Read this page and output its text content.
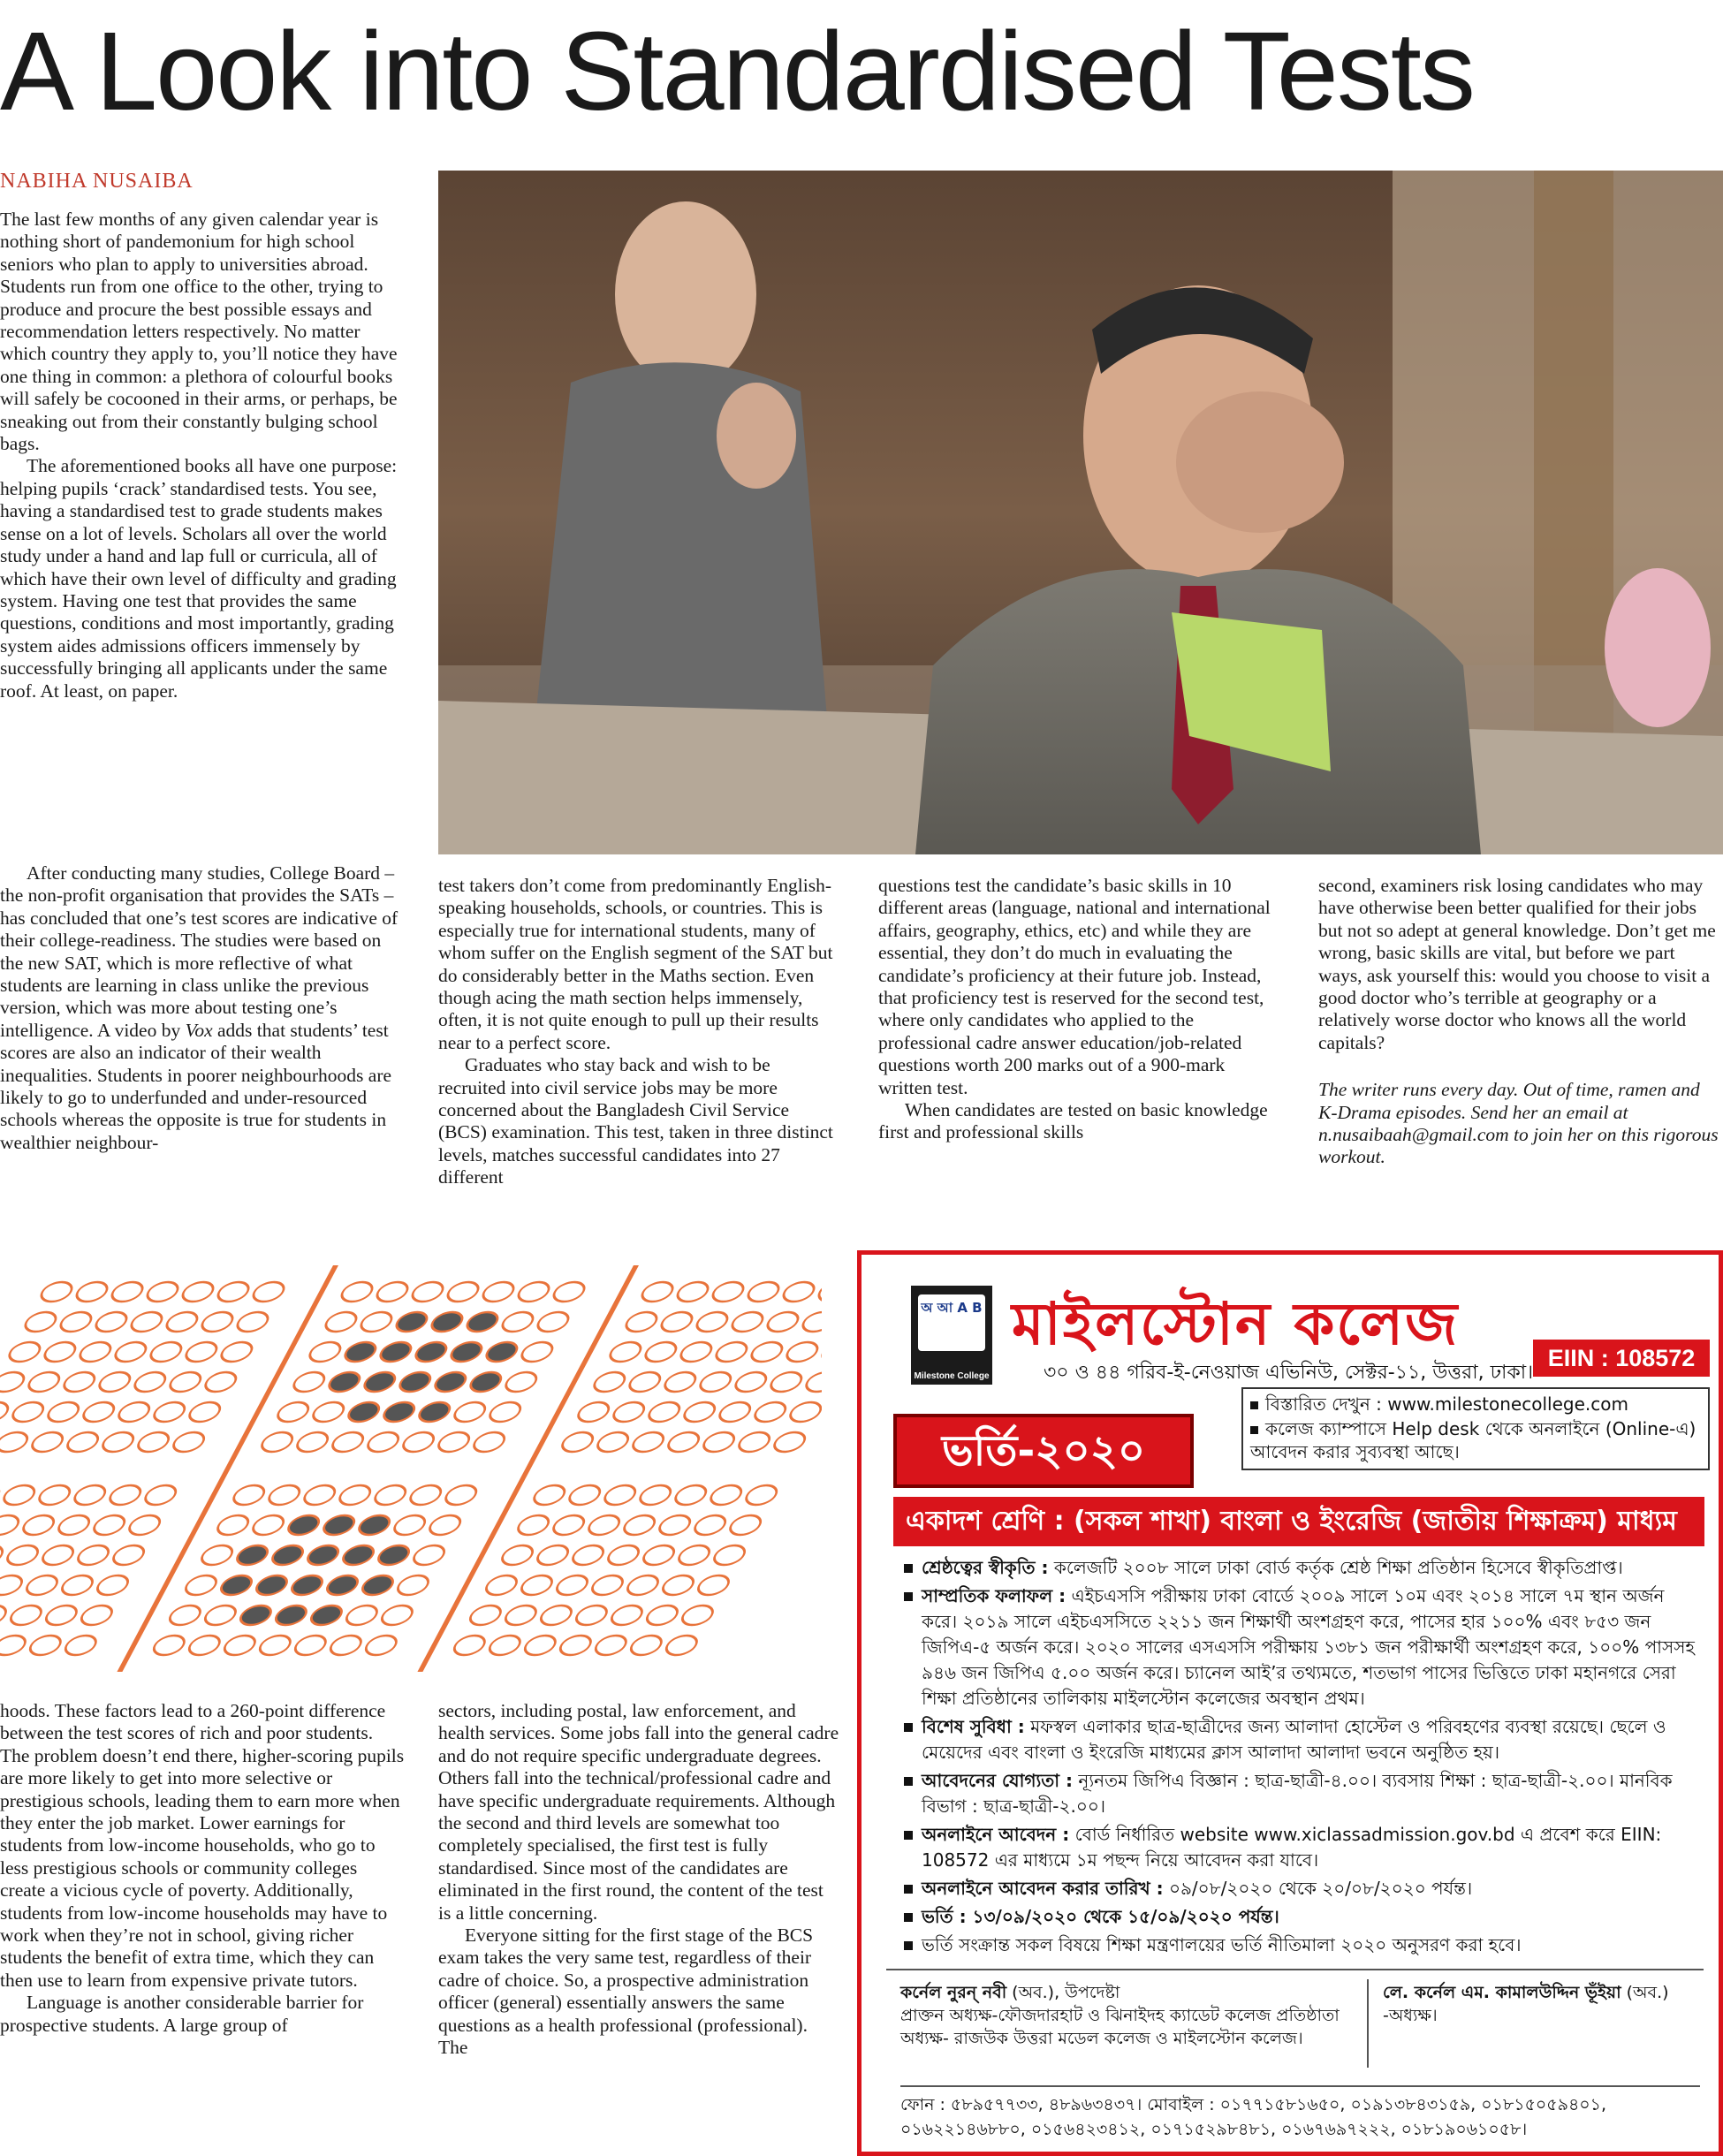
A Look into Standardised Tests
NABIHA NUSAIBA

The last few months of any given calendar year is nothing short of pandemonium for high school seniors who plan to apply to universities abroad. Students run from one office to the other, trying to produce and procure the best possible essays and recommendation letters respectively. No matter which country they apply to, you’ll notice they have one thing in common: a plethora of colourful books will safely be cocooned in their arms, or perhaps, be sneaking out from their constantly bulging school bags.

The aforementioned books all have one purpose: helping pupils ‘crack’ standardised tests. You see, having a standardised test to grade students makes sense on a lot of levels. Scholars all over the world study under a hand and lap full or curricula, all of which have their own level of difficulty and grading system. Having one test that provides the same questions, conditions and most importantly, grading system aides admissions officers immensely by successfully bringing all applicants under the same roof. At least, on paper.

After conducting many studies, College Board – the non-profit organisation that provides the SATs – has concluded that one’s test scores are indicative of their college-readiness. The studies were based on the new SAT, which is more reflective of what students are learning in class unlike the previous version, which was more about testing one’s intelligence. A video by Vox adds that students’ test scores are also an indicator of their wealth inequalities. Students in poorer neighbourhoods are likely to go to underfunded and under-resourced schools whereas the opposite is true for students in wealthier neighbour-

test takers don’t come from predominantly English-speaking households, schools, or countries. This is especially true for international students, many of whom suffer on the English segment of the SAT but do considerably better in the Maths section. Even though acing the math section helps immensely, often, it is not quite enough to pull up their results near to a perfect score.

Graduates who stay back and wish to be recruited into civil service jobs may be more concerned about the Bangladesh Civil Service (BCS) examination. This test, taken in three distinct levels, matches successful candidates into 27 different

questions test the candidate’s basic skills in 10 different areas (language, national and international affairs, geography, ethics, etc) and while they are essential, they don’t do much in evaluating the candidate’s proficiency at their future job. Instead, that proficiency test is reserved for the second test, where only candidates who applied to the professional cadre answer education/job-related questions worth 200 marks out of a 900-mark written test.

When candidates are tested on basic knowledge first and professional skills

second, examiners risk losing candidates who may have otherwise been better qualified for their jobs but not so adept at general knowledge. Don’t get me wrong, basic skills are vital, but before we part ways, ask yourself this: would you choose to visit a good doctor who’s terrible at geography or a relatively worse doctor who knows all the world capitals?

The writer runs every day. Out of time, ramen and K-Drama episodes. Send her an email at n.nusaibaah@gmail.com to join her on this rigorous workout.

hoods. These factors lead to a 260-point difference between the test scores of rich and poor students. The problem doesn’t end there, higher-scoring pupils are more likely to get into more selective or prestigious schools, leading them to earn more when they enter the job market. Lower earnings for students from low-income households, who go to less prestigious schools or community colleges create a vicious cycle of poverty. Additionally, students from low-income households may have to work when they’re not in school, giving richer students the benefit of extra time, which they can then use to learn from expensive private tutors.

Language is another considerable barrier for prospective students. A large group of

sectors, including postal, law enforcement, and health services. Some jobs fall into the general cadre and do not require specific undergraduate degrees. Others fall into the technical/professional cadre and have specific undergraduate requirements. Although the second and third levels are somewhat too completely specialised, the first test is fully standardised. Since most of the candidates are eliminated in the first round, the content of the test is a little concerning.

Everyone sitting for the first stage of the BCS exam takes the very same test, regardless of their cadre of choice. So, a prospective administration officer (general) essentially answers the same questions as a health professional (professional). The

অ আ A B
Milestone College
মাইলস্টোন কলেজ
৩০ ও ৪৪ গরিব-ই-নেওয়াজ এভিনিউ, সেক্টর-১১, উত্তরা, ঢাকা।
EIIN : 108572
বিস্তারিত দেখুন : www.milestonecollege.com
কলেজ ক্যাম্পাসে Help desk থেকে অনলাইনে (Online-এ) আবেদন করার সুব্যবস্থা আছে।
ভর্তি-২০২০
একাদশ শ্রেণি : (সকল শাখা) বাংলা ও ইংরেজি (জাতীয় শিক্ষাক্রম) মাধ্যম
শ্রেষ্ঠত্বের স্বীকৃতি : কলেজটি ২০০৮ সালে ঢাকা বোর্ড কর্তৃক শ্রেষ্ঠ শিক্ষা প্রতিষ্ঠান হিসেবে স্বীকৃতিপ্রাপ্ত।
সাম্প্রতিক ফলাফল : এইচএসসি পরীক্ষায় ঢাকা বোর্ডে ২০০৯ সালে ১০ম এবং ২০১৪ সালে ৭ম স্থান অর্জন করে। ২০১৯ সালে এইচএসসিতে ২২১১ জন শিক্ষার্থী অংশগ্রহণ করে, পাসের হার ১০০% এবং ৮৫৩ জন জিপিএ-৫ অর্জন করে। ২০২০ সালের এসএসসি পরীক্ষায় ১৩৮১ জন পরীক্ষার্থী অংশগ্রহণ করে, ১০০% পাসসহ ৯৪৬ জন জিপিএ ৫.০০ অর্জন করে। চ্যানেল আই’র তথ্যমতে, শতভাগ পাসের ভিত্তিতে ঢাকা মহানগরে সেরা শিক্ষা প্রতিষ্ঠানের তালিকায় মাইলস্টোন কলেজের অবস্থান প্রথম।
বিশেষ সুবিধা : মফস্বল এলাকার ছাত্র-ছাত্রীদের জন্য আলাদা হোস্টেল ও পরিবহণের ব্যবস্থা রয়েছে। ছেলে ও মেয়েদের এবং বাংলা ও ইংরেজি মাধ্যমের ক্লাস আলাদা আলাদা ভবনে অনুষ্ঠিত হয়।
আবেদনের যোগ্যতা : ন্যূনতম জিপিএ বিজ্ঞান : ছাত্র-ছাত্রী-৪.০০। ব্যবসায় শিক্ষা : ছাত্র-ছাত্রী-২.০০। মানবিক বিভাগ : ছাত্র-ছাত্রী-২.০০।
অনলাইনে আবেদন : বোর্ড নির্ধারিত website www.xiclassadmission.gov.bd এ প্রবেশ করে EIIN: 108572 এর মাধ্যমে ১ম পছন্দ নিয়ে আবেদন করা যাবে।
অনলাইনে আবেদন করার তারিখ : ০৯/০৮/২০২০ থেকে ২০/০৮/২০২০ পর্যন্ত।
ভর্তি : ১৩/০৯/২০২০ থেকে ১৫/০৯/২০২০ পর্যন্ত।
ভর্তি সংক্রান্ত সকল বিষয়ে শিক্ষা মন্ত্রণালয়ের ভর্তি নীতিমালা ২০২০ অনুসরণ করা হবে।
কর্নেল নুরন্ নবী (অব.), উপদেষ্টা
প্রাক্তন অধ্যক্ষ-ফৌজদারহাট ও ঝিনাইদহ ক্যাডেট কলেজ প্রতিষ্ঠাতা অধ্যক্ষ- রাজউক উত্তরা মডেল কলেজ ও মাইলস্টোন কলেজ।
লে. কর্নেল এম. কামালউদ্দিন ভূঁইয়া (অব.) -অধ্যক্ষ।
ফোন : ৫৮৯৫৭৭৩৩, ৪৮৯৬৩৪৩৭। মোবাইল : ০১৭৭১৫৮১৬৫০, ০১৯১৩৮৪৩১৫৯, ০১৮১৫০৫৯৪০১, ০১৬২২১৪৬৮৮০, ০১৫৬৪২৩৪১২, ০১৭১৫২৯৮৪৮১, ০১৬৭৬৯৭২২২, ০১৮১৯০৬১০৫৮।
